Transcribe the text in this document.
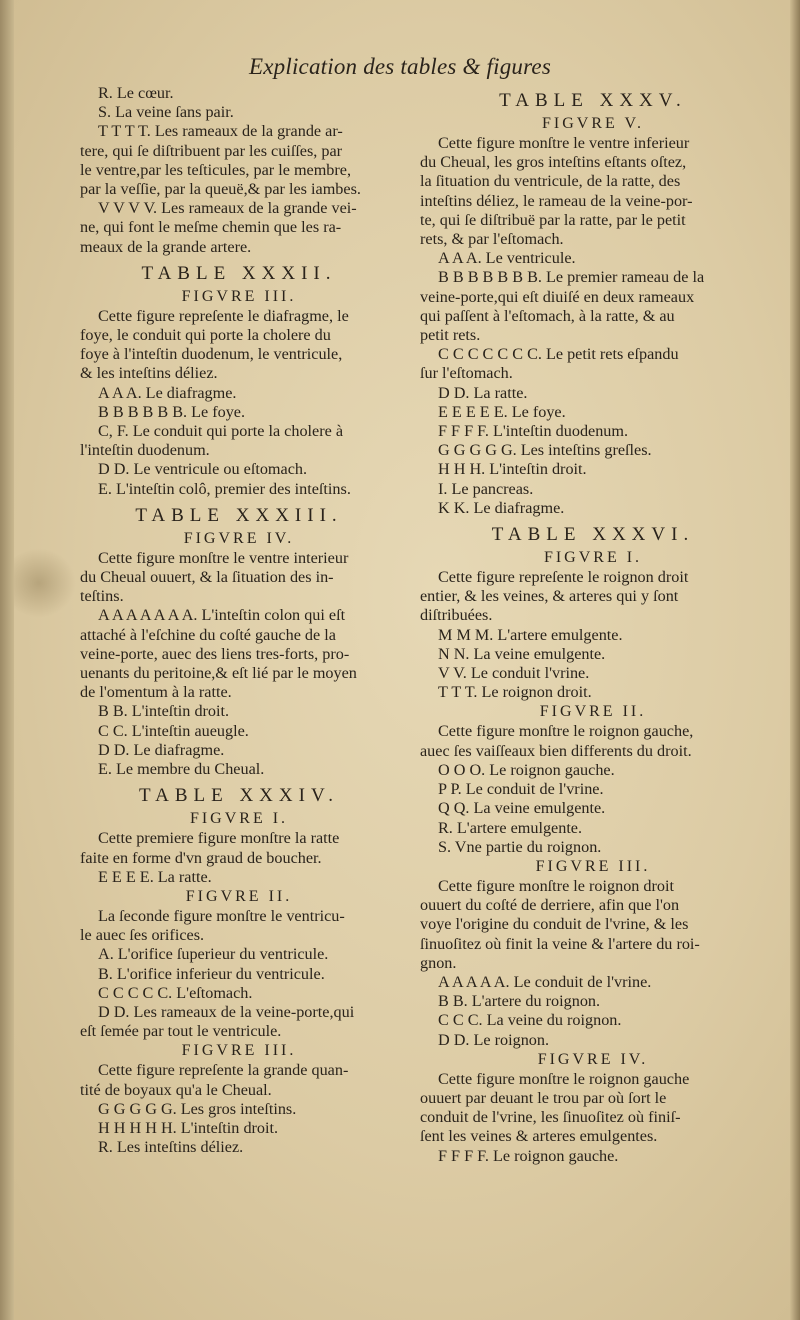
Explication des tables & figures
R. Le cœur.
S. La veine ſans pair.
T T T T. Les rameaux de la grande ar-
tere, qui ſe diſtribuent par les cuiſſes, par
le ventre,par les teſticules, par le membre,
par la veſſie, par la queuë,& par les iambes.
V V V V. Les rameaux de la grande vei-
ne, qui font le meſme chemin que les ra-
meaux de la grande artere.
TABLE XXXII.
FIGVRE III.
Cette figure repreſente le diafragme, le
foye, le conduit qui porte la cholere du
foye à l'inteſtin duodenum, le ventricule,
& les inteſtins déliez.
A A A. Le diafragme.
B B B B B B. Le foye.
C, F. Le conduit qui porte la cholere à
l'inteſtin duodenum.
D D. Le ventricule ou eſtomach.
E. L'inteſtin colô, premier des inteſtins.
TABLE XXXIII.
FIGVRE IV.
Cette figure monſtre le ventre interieur
du Cheual ouuert, & la ſituation des in-
teſtins.
A A A A A A A. L'inteſtin colon qui eſt
attaché à l'eſchine du coſté gauche de la
veine-porte, auec des liens tres-forts, pro-
uenants du peritoine,& eſt lié par le moyen
de l'omentum à la ratte.
B B. L'inteſtin droit.
C C. L'inteſtin aueugle.
D D. Le diafragme.
E. Le membre du Cheual.
TABLE XXXIV.
FIGVRE I.
Cette premiere figure monſtre la ratte
faite en forme d'vn graud de boucher.
E E E E. La ratte.
FIGVRE II.
La ſeconde figure monſtre le ventricu-
le auec ſes orifices.
A. L'orifice ſuperieur du ventricule.
B. L'orifice inferieur du ventricule.
C C C C C. L'eſtomach.
D D. Les rameaux de la veine-porte,qui
eſt ſemée par tout le ventricule.
FIGVRE III.
Cette figure repreſente la grande quan-
tité de boyaux qu'a le Cheual.
G G G G G. Les gros inteſtins.
H H H H H. L'inteſtin droit.
R. Les inteſtins déliez.
TABLE XXXV.
FIGVRE V.
Cette figure monſtre le ventre inferieur
du Cheual, les gros inteſtins eſtants oſtez,
la ſituation du ventricule, de la ratte, des
inteſtins déliez, le rameau de la veine-por-
te, qui ſe diſtribuë par la ratte, par le petit
rets, & par l'eſtomach.
A A A. Le ventricule.
B B B B B B B. Le premier rameau de la
veine-porte,qui eſt diuiſé en deux rameaux
qui paſſent à l'eſtomach, à la ratte, & au
petit rets.
C C C C C C C. Le petit rets eſpandu
ſur l'eſtomach.
D D. La ratte.
E E E E E. Le foye.
F F F F. L'inteſtin duodenum.
G G G G G. Les inteſtins greſles.
H H H. L'inteſtin droit.
I. Le pancreas.
K K. Le diafragme.
TABLE XXXVI.
FIGVRE I.
Cette figure repreſente le roignon droit
entier, & les veines, & arteres qui y ſont
diſtribuées.
M M M. L'artere emulgente.
N N. La veine emulgente.
V V. Le conduit l'vrine.
T T T. Le roignon droit.
FIGVRE II.
Cette figure monſtre le roignon gauche,
auec ſes vaiſſeaux bien differents du droit.
O O O. Le roignon gauche.
P P. Le conduit de l'vrine.
Q Q. La veine emulgente.
R. L'artere emulgente.
S. Vne partie du roignon.
FIGVRE III.
Cette figure monſtre le roignon droit
ouuert du coſté de derriere, afin que l'on
voye l'origine du conduit de l'vrine, & les
ſinuoſitez où finit la veine & l'artere du roi-
gnon.
A A A A A. Le conduit de l'vrine.
B B. L'artere du roignon.
C C C. La veine du roignon.
D D. Le roignon.
FIGVRE IV.
Cette figure monſtre le roignon gauche
ouuert par deuant le trou par où ſort le
conduit de l'vrine, les ſinuoſitez où finiſ-
ſent les veines & arteres emulgentes.
F F F F. Le roignon gauche.
